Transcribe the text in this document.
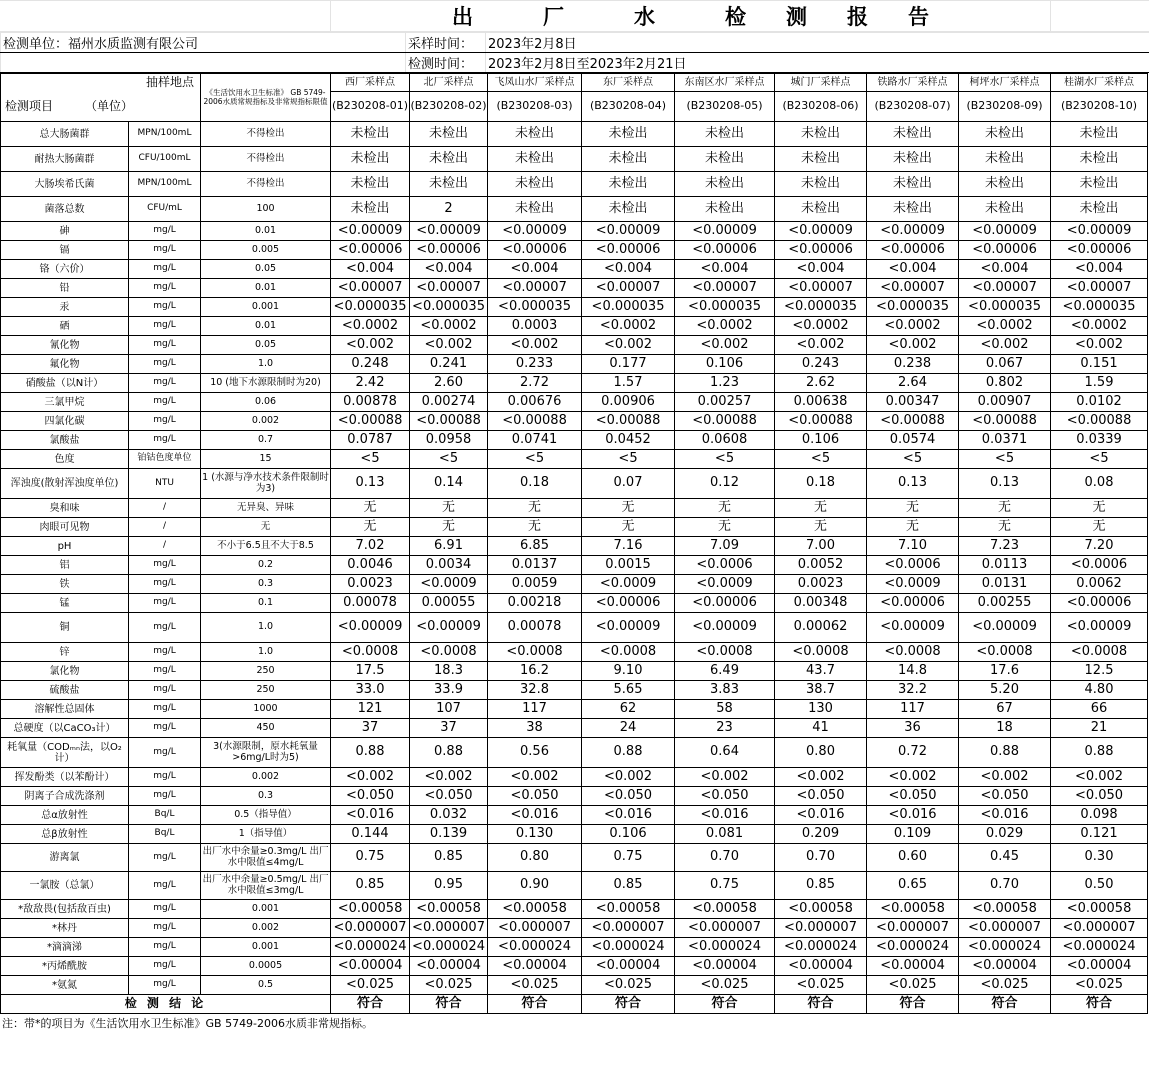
	出	厂	水	检 测 报 告	
检测单位：福州水质监测有限公司	采样时间：	2023年2月8日
	检测时间：	2023年2月8日至2023年2月21日
抽样地点		《生活饮用水卫生标准》 GB 5749-2006水质常规指标及非常规指标限值	西厂采样点	北厂采样点	飞凤山水厂采样点	东厂采样点	东南区水厂采样点	城门厂采样点	铁路水厂采样点	柯坪水厂采样点	桂湖水厂采样点
检测项目 （单位）			(B230208-01)	(B230208-02)	(B230208-03)	(B230208-04)	(B230208-05)	(B230208-06)	(B230208-07)	(B230208-09)	(B230208-10)
总大肠菌群	MPN/100mL	不得检出	未检出	未检出	未检出	未检出	未检出	未检出	未检出	未检出	未检出
耐热大肠菌群	CFU/100mL	不得检出	未检出	未检出	未检出	未检出	未检出	未检出	未检出	未检出	未检出
大肠埃希氏菌	MPN/100mL	不得检出	未检出	未检出	未检出	未检出	未检出	未检出	未检出	未检出	未检出
菌落总数	CFU/mL	100	未检出	2	未检出	未检出	未检出	未检出	未检出	未检出	未检出
砷	mg/L	0.01	<0.00009	<0.00009	<0.00009	<0.00009	<0.00009	<0.00009	<0.00009	<0.00009	<0.00009
镉	mg/L	0.005	<0.00006	<0.00006	<0.00006	<0.00006	<0.00006	<0.00006	<0.00006	<0.00006	<0.00006
铬（六价）	mg/L	0.05	<0.004	<0.004	<0.004	<0.004	<0.004	<0.004	<0.004	<0.004	<0.004
铅	mg/L	0.01	<0.00007	<0.00007	<0.00007	<0.00007	<0.00007	<0.00007	<0.00007	<0.00007	<0.00007
汞	mg/L	0.001	<0.000035	<0.000035	<0.000035	<0.000035	<0.000035	<0.000035	<0.000035	<0.000035	<0.000035
硒	mg/L	0.01	<0.0002	<0.0002	0.0003	<0.0002	<0.0002	<0.0002	<0.0002	<0.0002	<0.0002
氰化物	mg/L	0.05	<0.002	<0.002	<0.002	<0.002	<0.002	<0.002	<0.002	<0.002	<0.002
氟化物	mg/L	1.0	0.248	0.241	0.233	0.177	0.106	0.243	0.238	0.067	0.151
硝酸盐（以N计）	mg/L	10 (地下水源限制时为20)	2.42	2.60	2.72	1.57	1.23	2.62	2.64	0.802	1.59
三氯甲烷	mg/L	0.06	0.00878	0.00274	0.00676	0.00906	0.00257	0.00638	0.00347	0.00907	0.0102
四氯化碳	mg/L	0.002	<0.00088	<0.00088	<0.00088	<0.00088	<0.00088	<0.00088	<0.00088	<0.00088	<0.00088
氯酸盐	mg/L	0.7	0.0787	0.0958	0.0741	0.0452	0.0608	0.106	0.0574	0.0371	0.0339
色度	铂钴色度单位	15	<5	<5	<5	<5	<5	<5	<5	<5	<5
浑浊度(散射浑浊度单位)	NTU	1 (水源与净水技术条件限制时为3)	0.13	0.14	0.18	0.07	0.12	0.18	0.13	0.13	0.08
臭和味	/	无异臭、异味	无	无	无	无	无	无	无	无	无
肉眼可见物	/	无	无	无	无	无	无	无	无	无	无
pH	/	不小于6.5且不大于8.5	7.02	6.91	6.85	7.16	7.09	7.00	7.10	7.23	7.20
铝	mg/L	0.2	0.0046	0.0034	0.0137	0.0015	<0.0006	0.0052	<0.0006	0.0113	<0.0006
铁	mg/L	0.3	0.0023	<0.0009	0.0059	<0.0009	<0.0009	0.0023	<0.0009	0.0131	0.0062
锰	mg/L	0.1	0.00078	0.00055	0.00218	<0.00006	<0.00006	0.00348	<0.00006	0.00255	<0.00006
铜	mg/L	1.0	<0.00009	<0.00009	0.00078	<0.00009	<0.00009	0.00062	<0.00009	<0.00009	<0.00009
锌	mg/L	1.0	<0.0008	<0.0008	<0.0008	<0.0008	<0.0008	<0.0008	<0.0008	<0.0008	<0.0008
氯化物	mg/L	250	17.5	18.3	16.2	9.10	6.49	43.7	14.8	17.6	12.5
硫酸盐	mg/L	250	33.0	33.9	32.8	5.65	3.83	38.7	32.2	5.20	4.80
溶解性总固体	mg/L	1000	121	107	117	62	58	130	117	67	66
总硬度（以CaCO₃计）	mg/L	450	37	37	38	24	23	41	36	18	21
耗氧量（CODₘₙ法，以O₂计）	mg/L	3(水源限制，原水耗氧量>6mg/L时为5)	0.88	0.88	0.56	0.88	0.64	0.80	0.72	0.88	0.88
挥发酚类（以苯酚计）	mg/L	0.002	<0.002	<0.002	<0.002	<0.002	<0.002	<0.002	<0.002	<0.002	<0.002
阴离子合成洗涤剂	mg/L	0.3	<0.050	<0.050	<0.050	<0.050	<0.050	<0.050	<0.050	<0.050	<0.050
总α放射性	Bq/L	0.5（指导值）	<0.016	0.032	<0.016	<0.016	<0.016	<0.016	<0.016	<0.016	0.098
总β放射性	Bq/L	1（指导值）	0.144	0.139	0.130	0.106	0.081	0.209	0.109	0.029	0.121
游离氯	mg/L	出厂水中余量≥0.3mg/L 出厂水中限值≤4mg/L	0.75	0.85	0.80	0.75	0.70	0.70	0.60	0.45	0.30
一氯胺（总氯）	mg/L	出厂水中余量≥0.5mg/L 出厂水中限值≤3mg/L	0.85	0.95	0.90	0.85	0.75	0.85	0.65	0.70	0.50
*敌敌畏(包括敌百虫)	mg/L	0.001	<0.00058	<0.00058	<0.00058	<0.00058	<0.00058	<0.00058	<0.00058	<0.00058	<0.00058
*林丹	mg/L	0.002	<0.000007	<0.000007	<0.000007	<0.000007	<0.000007	<0.000007	<0.000007	<0.000007	<0.000007
*滴滴涕	mg/L	0.001	<0.000024	<0.000024	<0.000024	<0.000024	<0.000024	<0.000024	<0.000024	<0.000024	<0.000024
*丙烯酰胺	mg/L	0.0005	<0.00004	<0.00004	<0.00004	<0.00004	<0.00004	<0.00004	<0.00004	<0.00004	<0.00004
*氨氮	mg/L	0.5	<0.025	<0.025	<0.025	<0.025	<0.025	<0.025	<0.025	<0.025	<0.025
检 测 结 论			符合	符合	符合	符合	符合	符合	符合	符合	符合
注：带*的项目为《生活饮用水卫生标准》GB 5749-2006水质非常规指标。
